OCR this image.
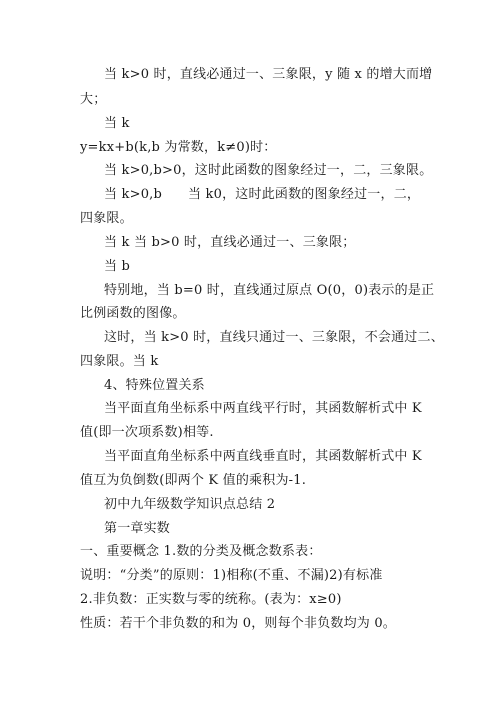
当 k>0 时，直线必通过一、三象限，y 随 x 的增大而增
大；
当 k
y=kx+b(k,b 为常数，k≠0)时：
当 k>0,b>0，这时此函数的图象经过一，二，三象限。
当 k>0,b      当 k0，这时此函数的图象经过一，二，
四象限。
当 k 当 b>0 时，直线必通过一、三象限；
当 b
特别地，当 b=0 时，直线通过原点 O(0，0)表示的是正
比例函数的图像。
这时，当 k>0 时，直线只通过一、三象限，不会通过二、
四象限。当 k
4、特殊位置关系
当平面直角坐标系中两直线平行时，其函数解析式中 K
值(即一次项系数)相等.
当平面直角坐标系中两直线垂直时，其函数解析式中 K
值互为负倒数(即两个 K 值的乘积为-1.
初中九年级数学知识点总结 2
第一章实数
一、重要概念 1.数的分类及概念数系表：
说明：“分类”的原则：1)相称(不重、不漏)2)有标准
2.非负数：正实数与零的统称。(表为：x≥0)
性质：若干个非负数的和为 0，则每个非负数均为 0。
